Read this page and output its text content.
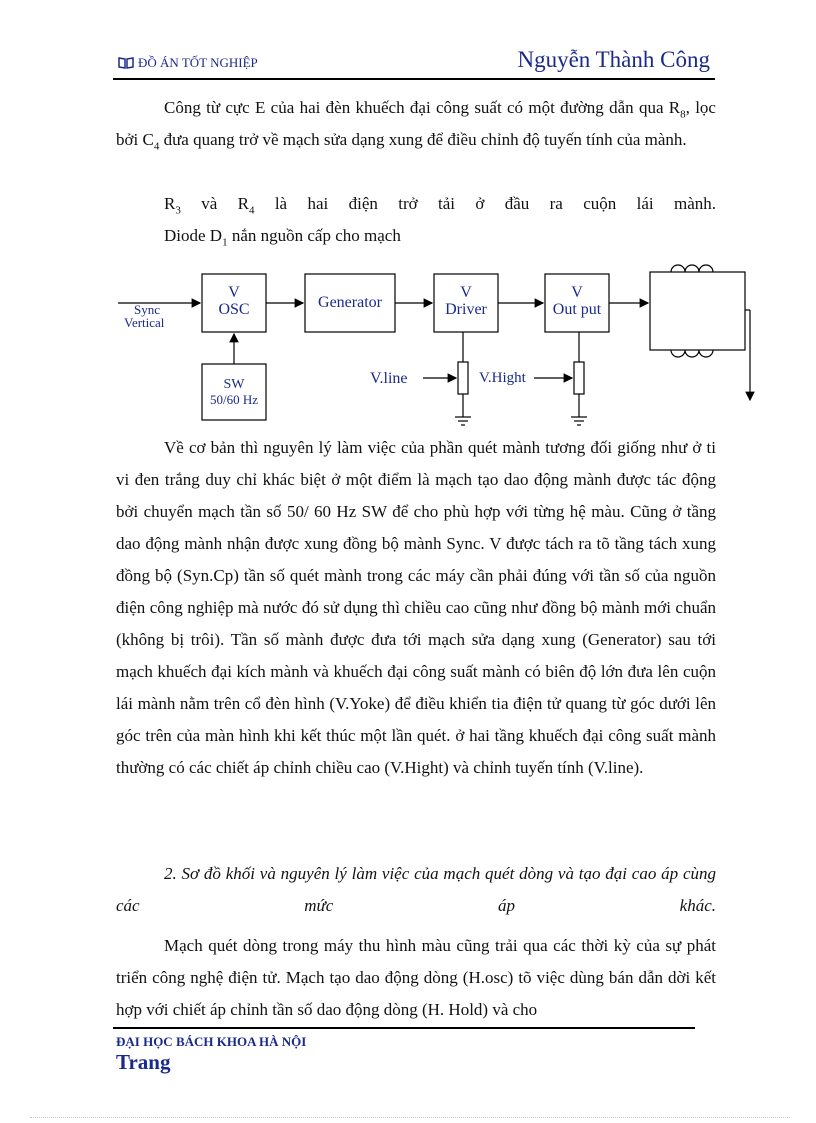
ĐỒ ÁN TỐT NGHIỆP	Nguyễn Thành Công
Công từ cực E của hai đèn khuếch đại công suất có một đường dẫn qua $R_8$, lọc bởi $C_4$ đưa quang trở về mạch sửa dạng xung để điều chỉnh độ tuyến tính của mành.
$R_3$ và $R_4$ là hai điện trở tải ở đầu ra cuộn lái mành.
Diode $D_1$ nắn nguồn cấp cho mạch
Sync
Vertical
V
OSC	Generator
V
Driver
V
Out put
SW
50/60 Hz
V.line	V.Hight
Về cơ bản thì nguyên lý làm việc của phần quét mành tương đối giống như ở ti vi đen trắng duy chỉ khác biệt ở một điểm là mạch tạo dao động mành được tác động bởi chuyển mạch tần số 50/ 60 Hz SW để cho phù hợp với từng hệ màu. Cũng ở tầng dao động mành nhận được xung đồng bộ mành Sync. V được tách ra tõ tầng tách xung đồng bộ (Syn.Cp) tần số quét mành trong các máy cần phải đúng với tần số của nguồn điện công nghiệp mà nước đó sử dụng thì chiều cao cũng như đồng bộ mành mới chuẩn (không bị trôi). Tần số mành được đưa tới mạch sửa dạng xung (Generator) sau tới mạch khuếch đại kích mành và khuếch đại công suất mành có biên độ lớn đưa lên cuộn lái mành nằm trên cổ đèn hình (V.Yoke) để điều khiển tia điện tử quang từ góc dưới lên góc trên của màn hình khi kết thúc một lần quét. ở hai tầng khuếch đại công suất mành thường có các chiết áp chỉnh chiều cao (V.Hight) và chỉnh tuyến tính (V.line).
2. Sơ đồ khối và nguyên lý làm việc của mạch quét dòng và tạo đại cao áp cùng các mức áp khác.
Mạch quét dòng trong máy thu hình màu cũng trải qua các thời kỳ của sự phát triển công nghệ điện tử. Mạch tạo dao động dòng (H.osc) tõ việc dùng bán dẫn dời kết hợp với chiết áp chỉnh tần số dao động dòng (H. Hold) và cho
ĐẠI HỌC BÁCH KHOA HÀ NỘI
Trang
